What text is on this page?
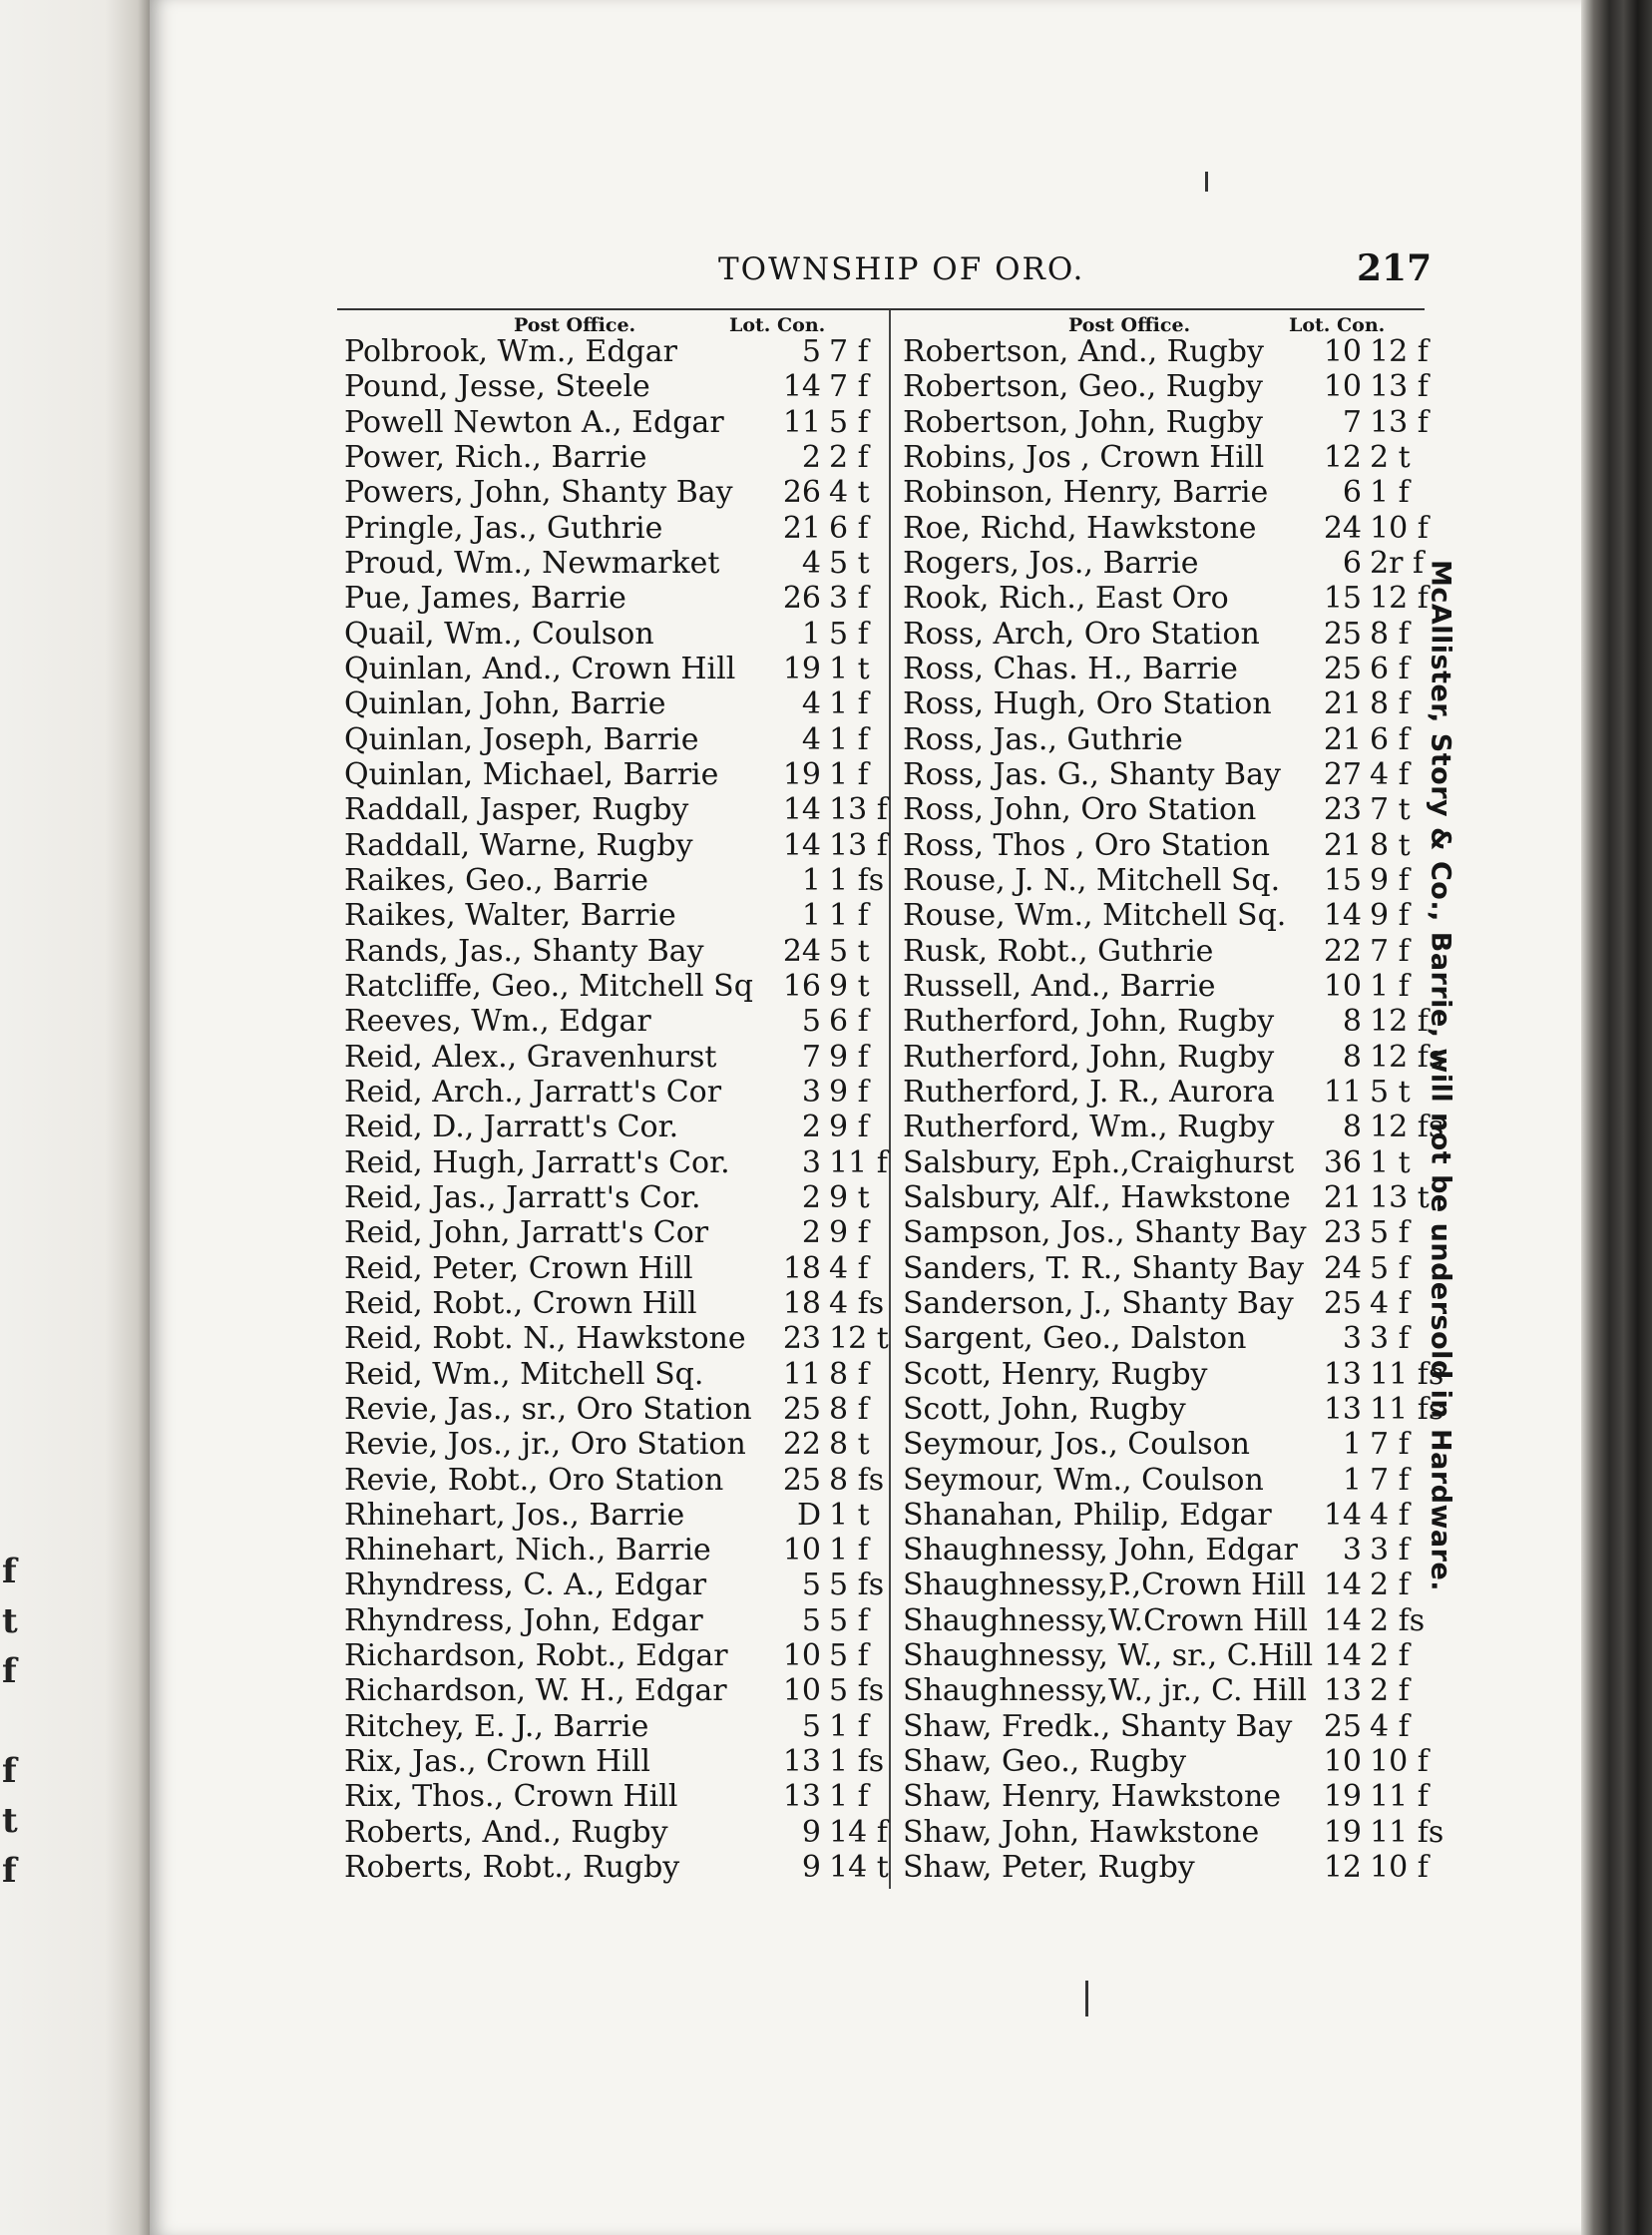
f
t
f
f
t
f
TOWNSHIP OF ORO.	217
Post Office.	Lot. Con.	Post Office.	Lot. Con.
Polbrook, Wm., Edgar	5 7 f
Pound, Jesse, Steele	14 7 f
Powell Newton A., Edgar 11 5 f
Power, Rich., Barrie	2 2 f
Powers, John, Shanty Bay 26 4 t
Pringle, Jas., Guthrie	21 6 f
Proud, Wm., Newmarket	4 5 t
Pue, James, Barrie	26 3 f
Quail, Wm., Coulson	1 5 f
Quinlan, And., Crown Hill 19 1 t
Quinlan, John, Barrie	4 1 f
Quinlan, Joseph, Barrie	4 1 f
Quinlan, Michael, Barrie 19 1 f
Raddall, Jasper, Rugby	14 13 f
Raddall, Warne, Rugby	14 13 f
Raikes, Geo., Barrie	1 1 fs
Raikes, Walter, Barrie	1 1 f
Rands, Jas., Shanty Bay	24 5 t
Ratcliffe, Geo., Mitchell Sq 16 9 t
Reeves, Wm., Edgar	5 6 f
Reid, Alex., Gravenhurst	7 9 f
Reid, Arch., Jarratt's Cor	3 9 f
Reid, D., Jarratt's Cor.	2 9 f
Reid, Hugh, Jarratt's Cor. 3 11 f
Reid, Jas., Jarratt's Cor.	2 9 t
Reid, John, Jarratt's Cor	2 9 f
Reid, Peter, Crown Hill	18 4 f
Reid, Robt., Crown Hill	18 4 fs
Reid, Robt. N., Hawkstone 23 12 t
Reid, Wm., Mitchell Sq.	11 8 f
Revie, Jas., sr., Oro Station 25 8 f
Revie, Jos., jr., Oro Station 22 8 t
Revie, Robt., Oro Station 25 8 fs
Rhinehart, Jos., Barrie	D 1 t
Rhinehart, Nich., Barrie 10 1 f
Rhyndress, C. A., Edgar	5 5 fs
Rhyndress, John, Edgar	5 5 f
Richardson, Robt., Edgar 10 5 f
Richardson, W. H., Edgar 10 5 fs
Ritchey, E. J., Barrie	5 1 f
Rix, Jas., Crown Hill	13 1 fs
Rix, Thos., Crown Hill	13 1 f
Roberts, And., Rugby	9 14 f
Roberts, Robt., Rugby	9 14 t
Robertson, And., Rugby 10 12 f
Robertson, Geo., Rugby 10 13 f
Robertson, John, Rugby	7 13 f
Robins, Jos , Crown Hill 12 2 t
Robinson, Henry, Barrie 6 1 f
Roe, Richd, Hawkstone 24 10 f
Rogers, Jos., Barrie	6 2r f
Rook, Rich., East Oro	15 12 f
Ross, Arch, Oro Station 25 8 f
Ross, Chas. H., Barrie	25 6 f
Ross, Hugh, Oro Station 21 8 f
Ross, Jas., Guthrie	21 6 f
Ross, Jas. G., Shanty Bay 27 4 f
Ross, John, Oro Station 23 7 t
Ross, Thos , Oro Station 21 8 t
Rouse, J. N., Mitchell Sq. 15 9 f
Rouse, Wm., Mitchell Sq. 14 9 f
Rusk, Robt., Guthrie	22 7 f
Russell, And., Barrie	10 1 f
Rutherford, John, Rugby 8 12 f
Rutherford, John, Rugby 8 12 fs
Rutherford, J. R., Aurora 11 5 t
Rutherford, Wm., Rugby 8 12 fs
Salsbury, Eph.,Craighurst 36 1 t
Salsbury, Alf., Hawkstone 21 13 t
Sampson, Jos., Shanty Bay 23 5 f
Sanders, T. R., Shanty Bay 24 5 f
Sanderson, J., Shanty Bay 25 4 f
Sargent, Geo., Dalston	3 3 f
Scott, Henry, Rugby	13 11 fs
Scott, John, Rugby	13 11 fs
Seymour, Jos., Coulson	1 7 f
Seymour, Wm., Coulson	1 7 f
Shanahan, Philip, Edgar 14 4 f
Shaughnessy, John, Edgar 3 3 f
Shaughnessy,P.,Crown Hill 14 2 f
Shaughnessy,W.Crown Hill 14 2 fs
Shaughnessy, W., sr., C.Hill 14 2 f
Shaughnessy,W., jr., C. Hill 13 2 f
Shaw, Fredk., Shanty Bay 25 4 f
Shaw, Geo., Rugby	10 10 f
Shaw, Henry, Hawkstone 19 11 f
Shaw, John, Hawkstone 19 11 fs
Shaw, Peter, Rugby	12 10 f
McAllister, Story & Co., Barrie, will not be undersold in Hardware.
